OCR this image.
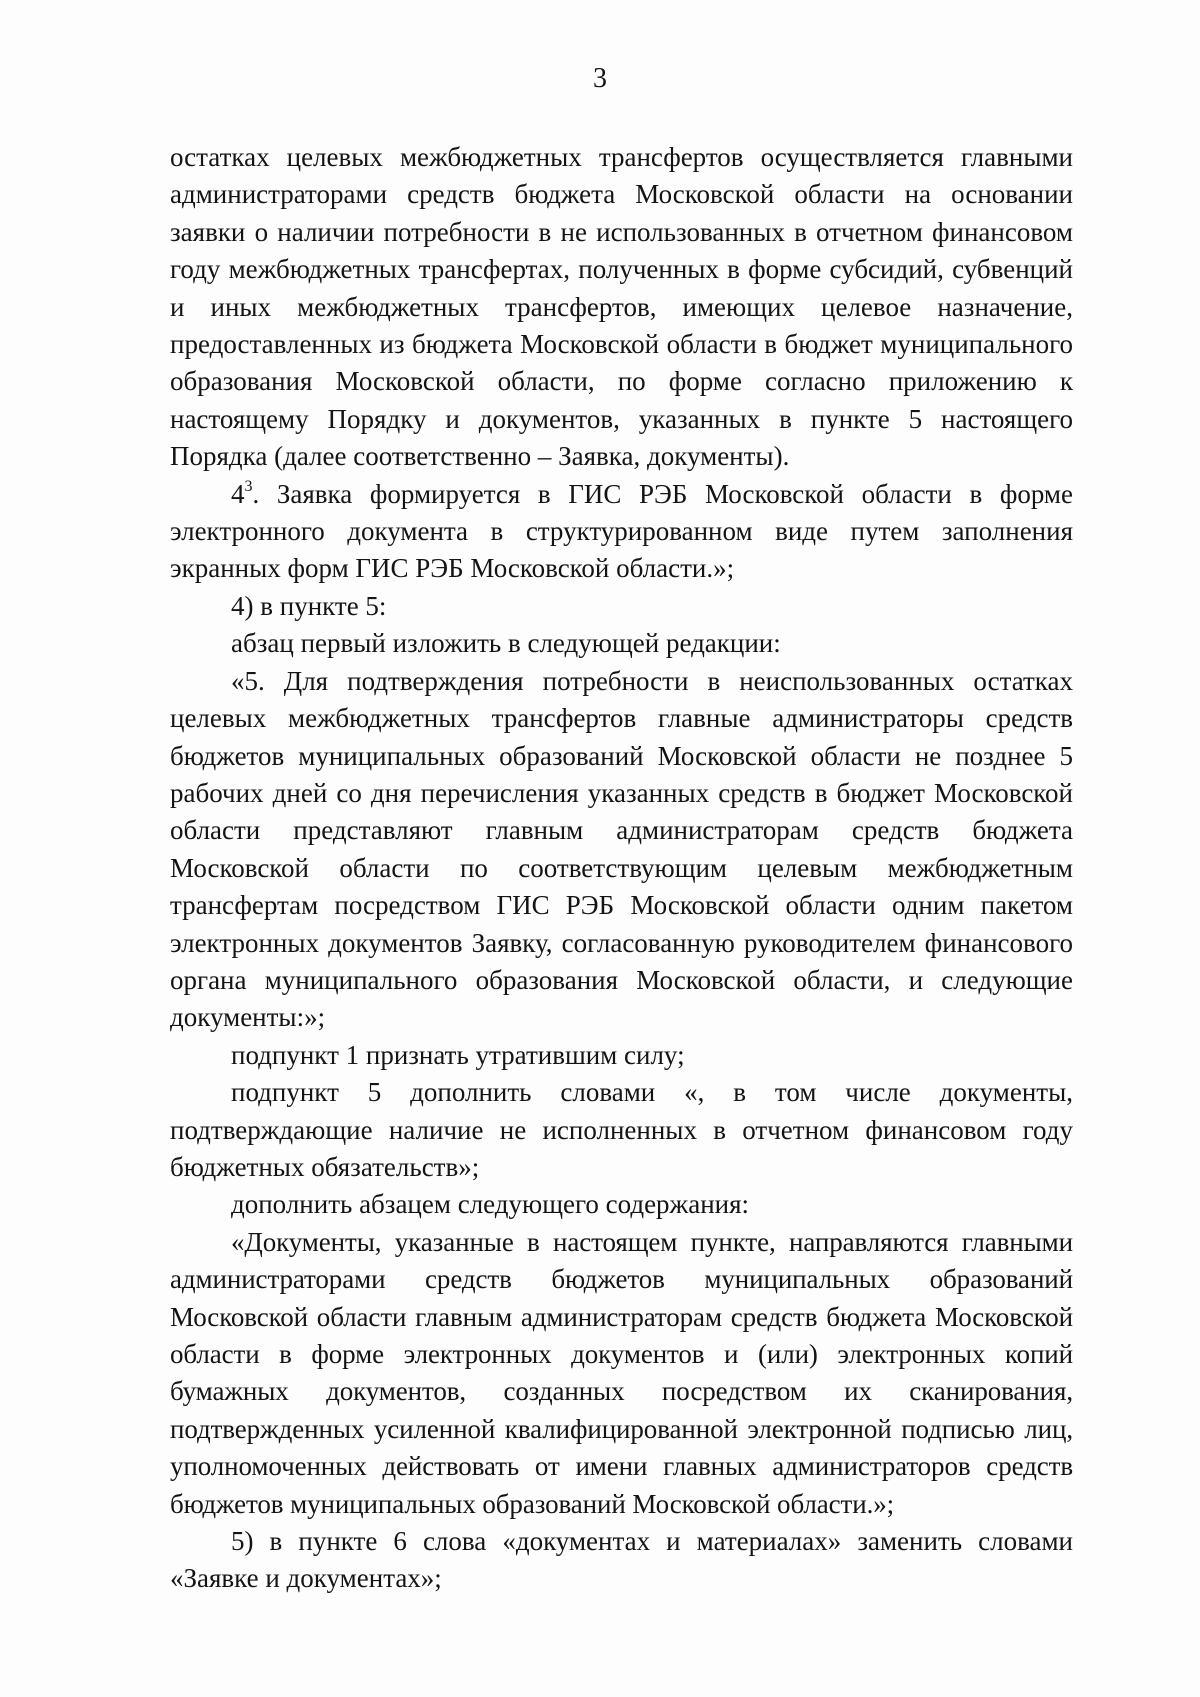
3

остатках целевых межбюджетных трансфертов осуществляется главными администраторами средств бюджета Московской области на основании заявки о наличии потребности в не использованных в отчетном финансовом году межбюджетных трансфертах, полученных в форме субсидий, субвенций и иных межбюджетных трансфертов, имеющих целевое назначение, предоставленных из бюджета Московской области в бюджет муниципального образования Московской области, по форме согласно приложению к настоящему Порядку и документов, указанных в пункте 5 настоящего Порядка (далее соответственно – Заявка, документы).

$4^3$. Заявка формируется в ГИС РЭБ Московской области в форме электронного документа в структурированном виде путем заполнения экранных форм ГИС РЭБ Московской области.»;

4) в пункте 5:

абзац первый изложить в следующей редакции:

«5. Для подтверждения потребности в неиспользованных остатках целевых межбюджетных трансфертов главные администраторы средств бюджетов муниципальных образований Московской области не позднее 5 рабочих дней со дня перечисления указанных средств в бюджет Московской области представляют главным администраторам средств бюджета Московской области по соответствующим целевым межбюджетным трансфертам посредством ГИС РЭБ Московской области одним пакетом электронных документов Заявку, согласованную руководителем финансового органа муниципального образования Московской области, и следующие документы:»;

подпункт 1 признать утратившим силу;

подпункт 5 дополнить словами «, в том числе документы, подтверждающие наличие не исполненных в отчетном финансовом году бюджетных обязательств»;

дополнить абзацем следующего содержания:

«Документы, указанные в настоящем пункте, направляются главными администраторами средств бюджетов муниципальных образований Московской области главным администраторам средств бюджета Московской области в форме электронных документов и (или) электронных копий бумажных документов, созданных посредством их сканирования, подтвержденных усиленной квалифицированной электронной подписью лиц, уполномоченных действовать от имени главных администраторов средств бюджетов муниципальных образований Московской области.»;

5) в пункте 6 слова «документах и материалах» заменить словами «Заявке и документах»;
